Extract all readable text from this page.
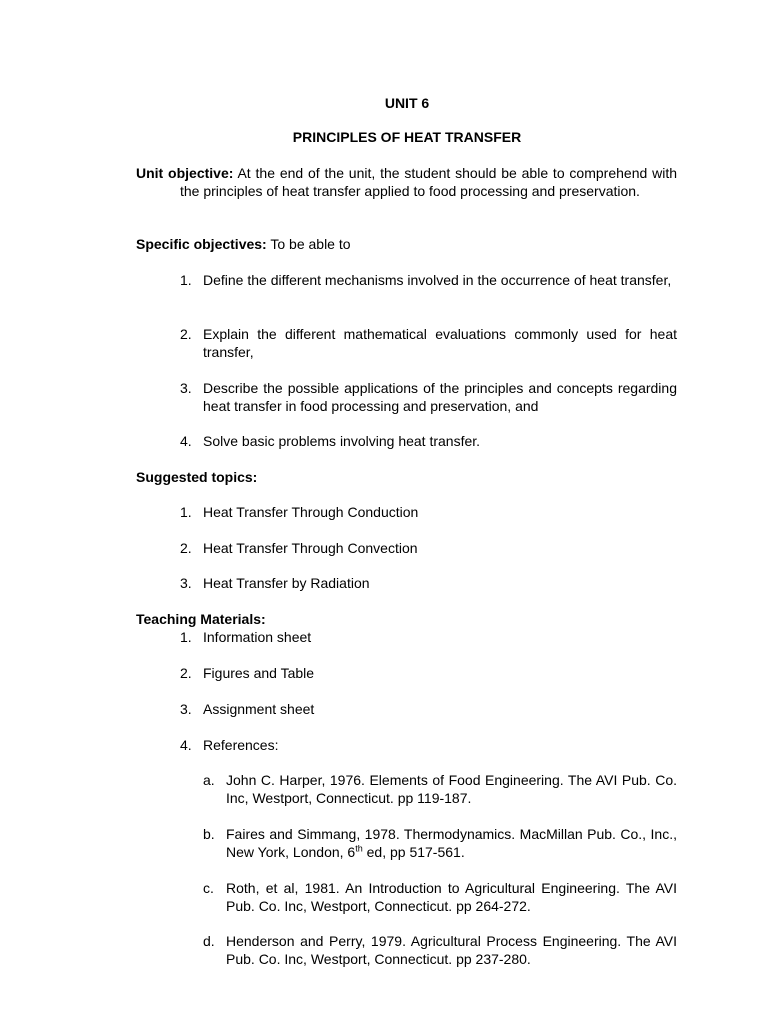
UNIT 6
PRINCIPLES OF HEAT TRANSFER
Unit objective: At the end of the unit, the student should be able to comprehend with the principles of heat transfer applied to food processing and preservation.
Specific objectives: To be able to
1. Define the different mechanisms involved in the occurrence of heat transfer,
2. Explain the different mathematical evaluations commonly used for heat transfer,
3. Describe the possible applications of the principles and concepts regarding heat transfer in food processing and preservation, and
4. Solve basic problems involving heat transfer.
Suggested topics:
1. Heat Transfer Through Conduction
2. Heat Transfer Through Convection
3. Heat Transfer by Radiation
Teaching Materials:
1. Information sheet
2. Figures and Table
3. Assignment sheet
4. References:
a. John C. Harper, 1976. Elements of Food Engineering. The AVI Pub. Co. Inc, Westport, Connecticut. pp 119-187.
b. Faires and Simmang, 1978. Thermodynamics. MacMillan Pub. Co., Inc., New York, London, 6th ed, pp 517-561.
c. Roth, et al, 1981. An Introduction to Agricultural Engineering. The AVI Pub. Co. Inc, Westport, Connecticut. pp 264-272.
d. Henderson and Perry, 1979. Agricultural Process Engineering. The AVI Pub. Co. Inc, Westport, Connecticut. pp 237-280.
